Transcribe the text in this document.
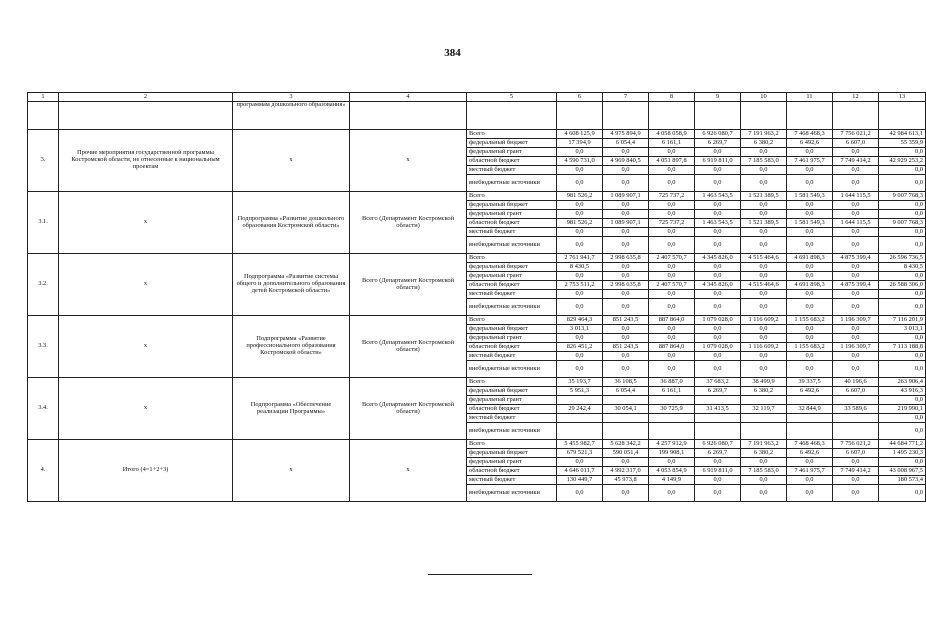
384
1	2	3	4	5	6	7	8	9	10	11	12	13
		программам дошкольного образования»										
3.	Прочие мероприятия государственной программы Костромской области, не отнесенные к национальным проектам	х	х	Всего	4 608 125,9	4 975 894,9	4 058 058,9	6 926 080,7	7 191 963,2	7 468 468,3	7 756 021,2	42 984 613,1
				федеральный бюджет	17 394,9	6 054,4	6 161,1	6 269,7	6 380,2	6 492,6	6 607,0	55 359,9
				федеральный грант	0,0	0,0	0,0	0,0	0,0	0,0	0,0	0,0
				областной бюджет	4 590 731,0	4 969 840,5	4 051 897,8	6 919 811,0	7 185 583,0	7 461 975,7	7 749 414,2	42 929 253,2
				местный бюджет	0,0	0,0	0,0	0,0	0,0	0,0	0,0	0,0
				внебюджетные источники	0,0	0,0	0,0	0,0	0,0	0,0	0,0	0,0
3.1.	х	Подпрограмма «Развитие дошкольного образования Костромской области»	Всего (Департамент Костромской области)	Всего	981 526,2	1 089 907,1	725 737,2	1 463 543,5	1 521 389,5	1 581 549,3	1 644 115,5	9 007 768,3
				федеральный бюджет	0,0	0,0	0,0	0,0	0,0	0,0	0,0	0,0
				федеральный грант	0,0	0,0	0,0	0,0	0,0	0,0	0,0	0,0
				областной бюджет	981 526,2	1 089 907,1	725 737,2	1 463 543,5	1 521 389,5	1 581 549,3	1 644 115,5	9 007 768,3
				местный бюджет	0,0	0,0	0,0	0,0	0,0	0,0	0,0	0,0
				внебюджетные источники	0,0	0,0	0,0	0,0	0,0	0,0	0,0	0,0
3.2.	х	Подпрограмма «Развитие системы общего и дополнительного образования детей Костромской области»	Всего (Департамент Костромской области)	Всего	2 761 941,7	2 998 635,8	2 407 570,7	4 345 826,0	4 515 464,6	4 691 898,3	4 875 399,4	26 596 736,5
				федеральный бюджет	8 430,5	0,0	0,0	0,0	0,0	0,0	0,0	8 430,5
				федеральный грант	0,0	0,0	0,0	0,0	0,0	0,0	0,0	0,0
				областной бюджет	2 753 511,2	2 998 635,8	2 407 570,7	4 345 826,0	4 515 464,6	4 691 898,3	4 875 399,4	26 588 306,0
				местный бюджет	0,0	0,0	0,0	0,0	0,0	0,0	0,0	0,0
				внебюджетные источники	0,0	0,0	0,0	0,0	0,0	0,0	0,0	0,0
3.3.	х	Подпрограмма «Развитие профессионального образования Костромской области»	Всего (Департамент Костромской области)	Всего	829 464,3	851 243,5	887 864,0	1 079 028,0	1 116 609,2	1 155 683,2	1 196 309,7	7 116 201,9
				федеральный бюджет	3 013,1	0,0	0,0	0,0	0,0	0,0	0,0	3 013,1
				федеральный грант	0,0	0,0	0,0	0,0	0,0	0,0	0,0	0,0
				областной бюджет	826 451,2	851 243,5	887 864,0	1 079 028,0	1 116 609,2	1 155 683,2	1 196 309,7	7 113 188,8
				местный бюджет	0,0	0,0	0,0	0,0	0,0	0,0	0,0	0,0
				внебюджетные источники	0,0	0,0	0,0	0,0	0,0	0,0	0,0	0,0
3.4.	х	Подпрограмма «Обеспечение реализации Программы»	Всего (Департамент Костромской области)	Всего	35 193,7	36 108,5	36 887,0	37 683,2	38 499,9	39 337,5	40 196,6	263 906,4
				федеральный бюджет	5 951,3	6 054,4	6 161,1	6 269,7	6 380,2	6 492,6	6 607,0	43 916,3
				федеральный грант								0,0
				областной бюджет	29 242,4	30 054,1	30 725,9	31 413,5	32 119,7	32 844,9	33 589,6	219 990,1
				местный бюджет								0,0
				внебюджетные источники								0,0
4.	Итого (4=1+2+3)	х	х	Всего	5 455 982,7	5 628 342,2	4 257 912,9	6 926 080,7	7 191 963,2	7 468 468,3	7 756 021,2	44 684 771,2
				федеральный бюджет	679 521,3	590 051,4	199 908,1	6 269,7	6 380,2	6 492,6	6 607,0	1 495 230,3
				федеральный грант	0,0	0,0	0,0	0,0	0,0	0,0	0,0	0,0
				областной бюджет	4 646 011,7	4 992 317,0	4 053 854,9	6 919 811,0	7 185 583,0	7 461 975,7	7 749 414,2	43 008 967,5
				местный бюджет	130 449,7	45 973,8	4 149,9	0,0	0,0	0,0	0,0	180 573,4
				внебюджетные источники	0,0	0,0	0,0	0,0	0,0	0,0	0,0	0,0
